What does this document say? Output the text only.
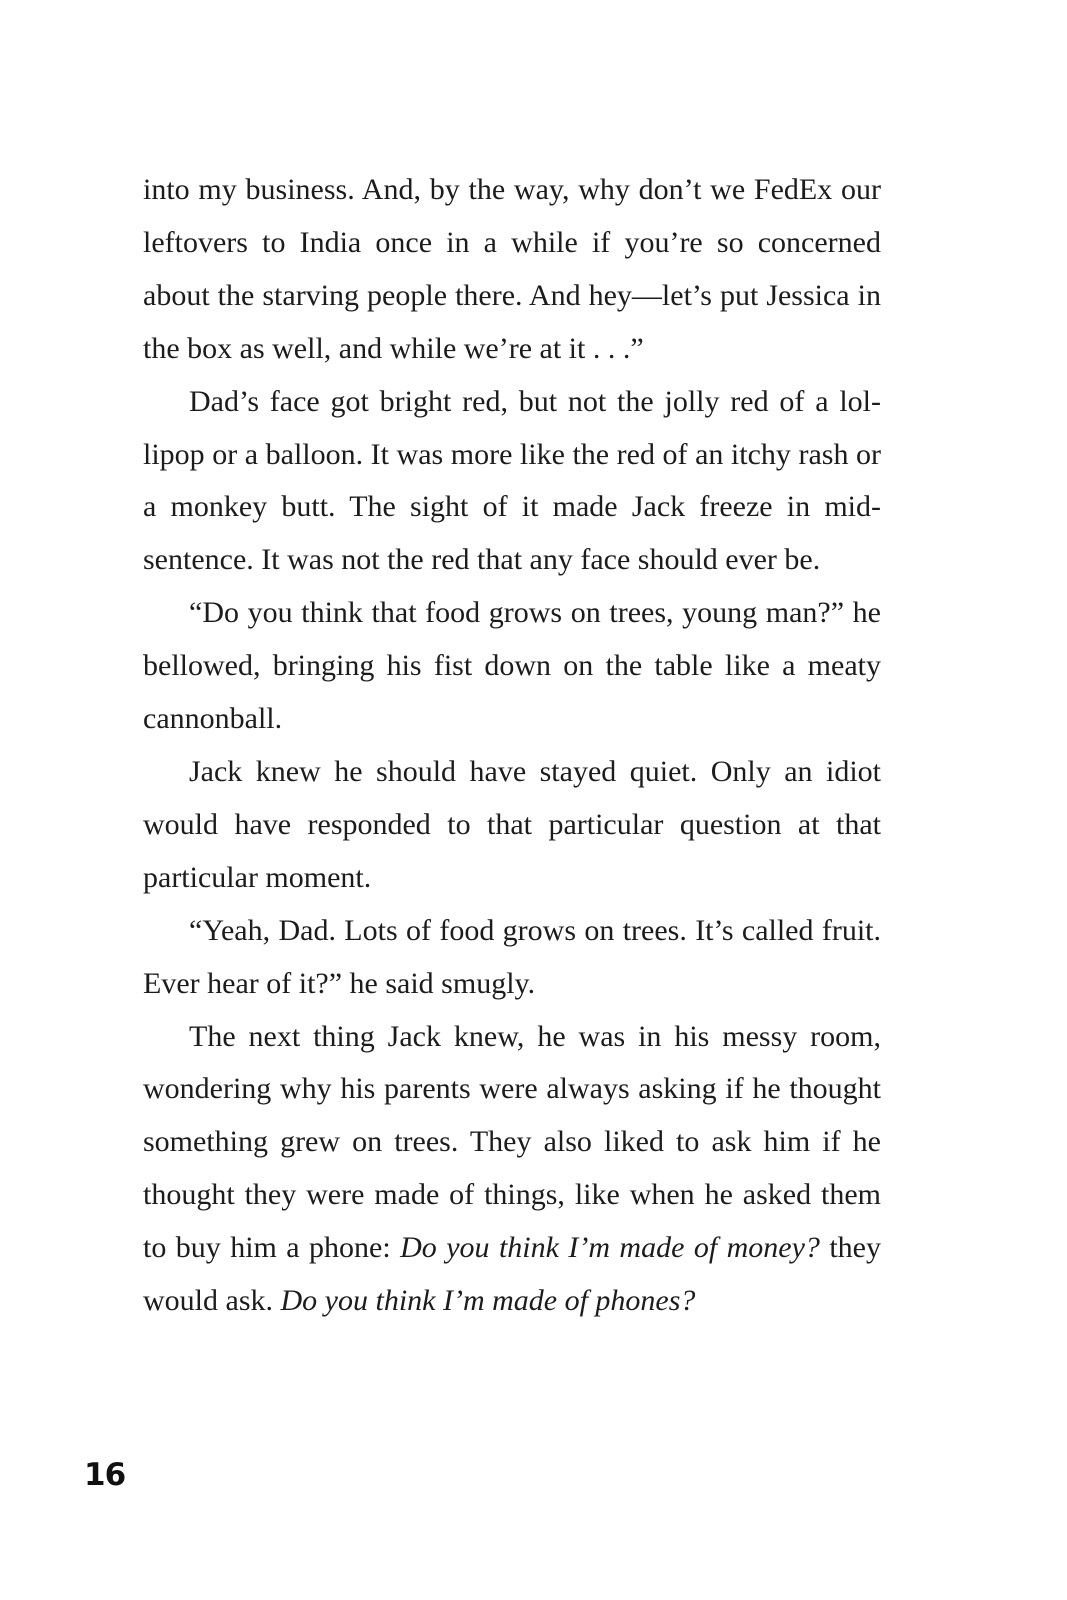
into my business. And, by the way, why don’t we FedEx our leftovers to India once in a while if you’re so concerned about the starving people there. And hey—let’s put Jessica in the box as well, and while we’re at it . . .”

Dad’s face got bright red, but not the jolly red of a lollipop or a balloon. It was more like the red of an itchy rash or a monkey butt. The sight of it made Jack freeze in midsentence. It was not the red that any face should ever be.

“Do you think that food grows on trees, young man?” he bellowed, bringing his fist down on the table like a meaty cannonball.

Jack knew he should have stayed quiet. Only an idiot would have responded to that particular question at that particular moment.

“Yeah, Dad. Lots of food grows on trees. It’s called fruit. Ever hear of it?” he said smugly.

The next thing Jack knew, he was in his messy room, wondering why his parents were always asking if he thought something grew on trees. They also liked to ask him if he thought they were made of things, like when he asked them to buy him a phone: Do you think I’m made of money? they would ask. Do you think I’m made of phones?

16
